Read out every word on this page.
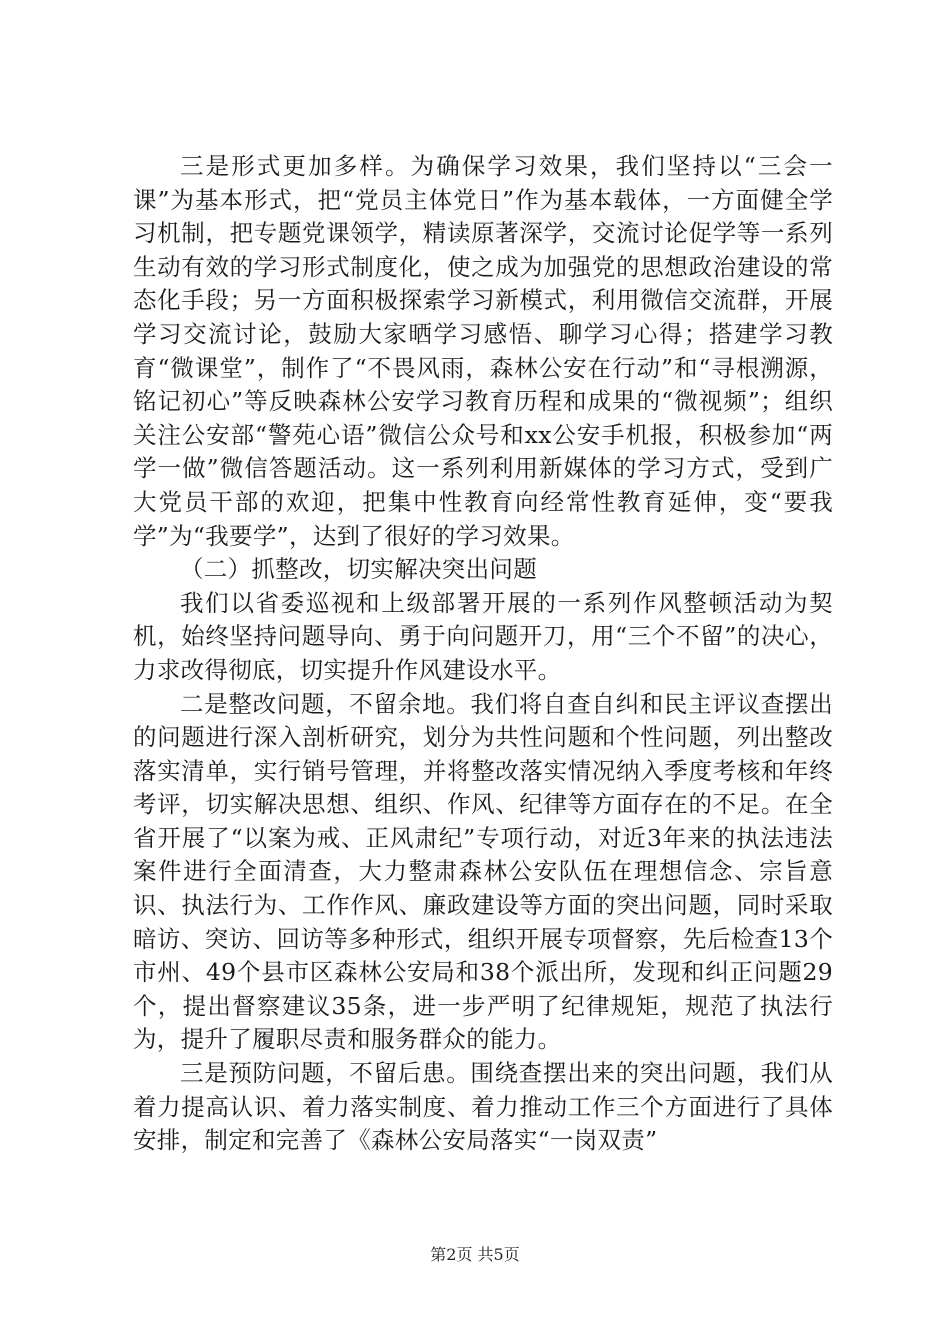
三是形式更加多样。为确保学习效果，我们坚持以“三会一课”为基本形式，把“党员主体党日”作为基本载体，一方面健全学习机制，把专题党课领学，精读原著深学，交流讨论促学等一系列生动有效的学习形式制度化，使之成为加强党的思想政治建设的常态化手段；另一方面积极探索学习新模式，利用微信交流群，开展学习交流讨论，鼓励大家晒学习感悟、聊学习心得；搭建学习教育“微课堂”，制作了“不畏风雨，森林公安在行动”和“寻根溯源，铭记初心”等反映森林公安学习教育历程和成果的“微视频”；组织关注公安部“警苑心语”微信公众号和xx公安手机报，积极参加“两学一做”微信答题活动。这一系列利用新媒体的学习方式，受到广大党员干部的欢迎，把集中性教育向经常性教育延伸，变“要我学”为“我要学”，达到了很好的学习效果。

（二）抓整改，切实解决突出问题

我们以省委巡视和上级部署开展的一系列作风整顿活动为契机，始终坚持问题导向、勇于向问题开刀，用“三个不留”的决心，力求改得彻底，切实提升作风建设水平。

二是整改问题，不留余地。我们将自查自纠和民主评议查摆出的问题进行深入剖析研究，划分为共性问题和个性问题，列出整改落实清单，实行销号管理，并将整改落实情况纳入季度考核和年终考评，切实解决思想、组织、作风、纪律等方面存在的不足。在全省开展了“以案为戒、正风肃纪”专项行动，对近3年来的执法违法案件进行全面清查，大力整肃森林公安队伍在理想信念、宗旨意识、执法行为、工作作风、廉政建设等方面的突出问题，同时采取暗访、突访、回访等多种形式，组织开展专项督察，先后检查13个市州、49个县市区森林公安局和38个派出所，发现和纠正问题29个，提出督察建议35条，进一步严明了纪律规矩，规范了执法行为，提升了履职尽责和服务群众的能力。

三是预防问题，不留后患。围绕查摆出来的突出问题，我们从着力提高认识、着力落实制度、着力推动工作三个方面进行了具体安排，制定和完善了《森林公安局落实“一岗双责”

第2页 共5页
